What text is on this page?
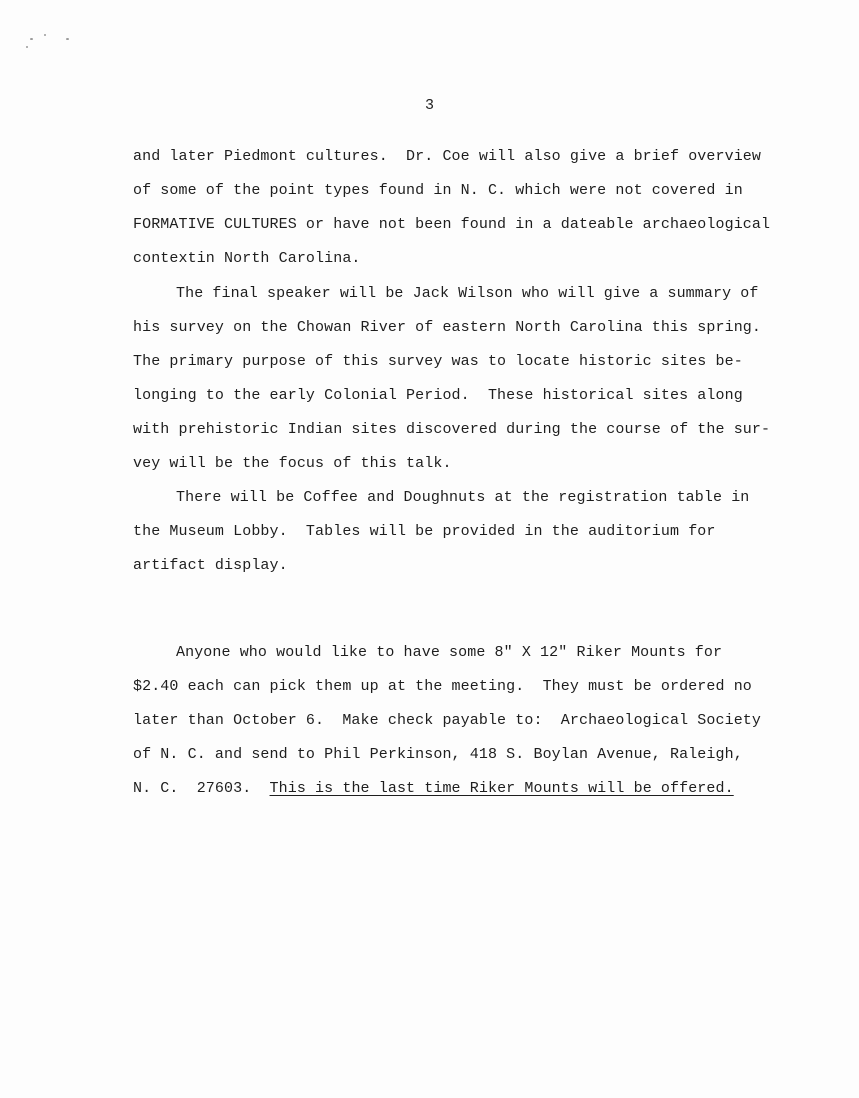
3
and later Piedmont cultures.  Dr. Coe will also give a brief overview
of some of the point types found in N. C. which were not covered in
FORMATIVE CULTURES or have not been found in a dateable archaeological
contextin North Carolina.
The final speaker will be Jack Wilson who will give a summary of
his survey on the Chowan River of eastern North Carolina this spring.
The primary purpose of this survey was to locate historic sites be-
longing to the early Colonial Period.  These historical sites along
with prehistoric Indian sites discovered during the course of the sur-
vey will be the focus of this talk.
There will be Coffee and Doughnuts at the registration table in
the Museum Lobby.  Tables will be provided in the auditorium for
artifact display.
Anyone who would like to have some 8" X 12" Riker Mounts for
$2.40 each can pick them up at the meeting.  They must be ordered no
later than October 6.  Make check payable to:  Archaeological Society
of N. C. and send to Phil Perkinson, 418 S. Boylan Avenue, Raleigh,
N. C.  27603.  This is the last time Riker Mounts will be offered.
